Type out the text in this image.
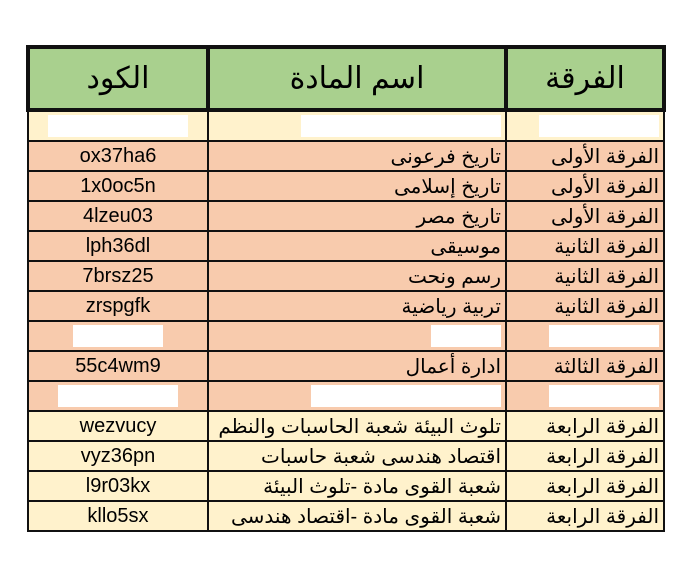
الكود	اسم المادة	الفرقة

ox37ha6	تاريخ فرعونى	الفرقة الأولى
1x0oc5n	تاريخ إسلامى	الفرقة الأولى
4lzeu03	تاريخ مصر	الفرقة الأولى
lph36dl	موسيقى	الفرقة الثانية
7brsz25	رسم ونحت	الفرقة الثانية
zrspgfk	تربية رياضية	الفرقة الثانية

55c4wm9	ادارة أعمال	الفرقة الثالثة

wezvucy	تلوث البيئة شعبة الحاسبات والنظم	الفرقة الرابعة
vyz36pn	اقتصاد هندسى شعبة حاسبات	الفرقة الرابعة
l9r03kx	شعبة القوى مادة -تلوث البيئة	الفرقة الرابعة
kllo5sx	شعبة القوى مادة -اقتصاد هندسى	الفرقة الرابعة
